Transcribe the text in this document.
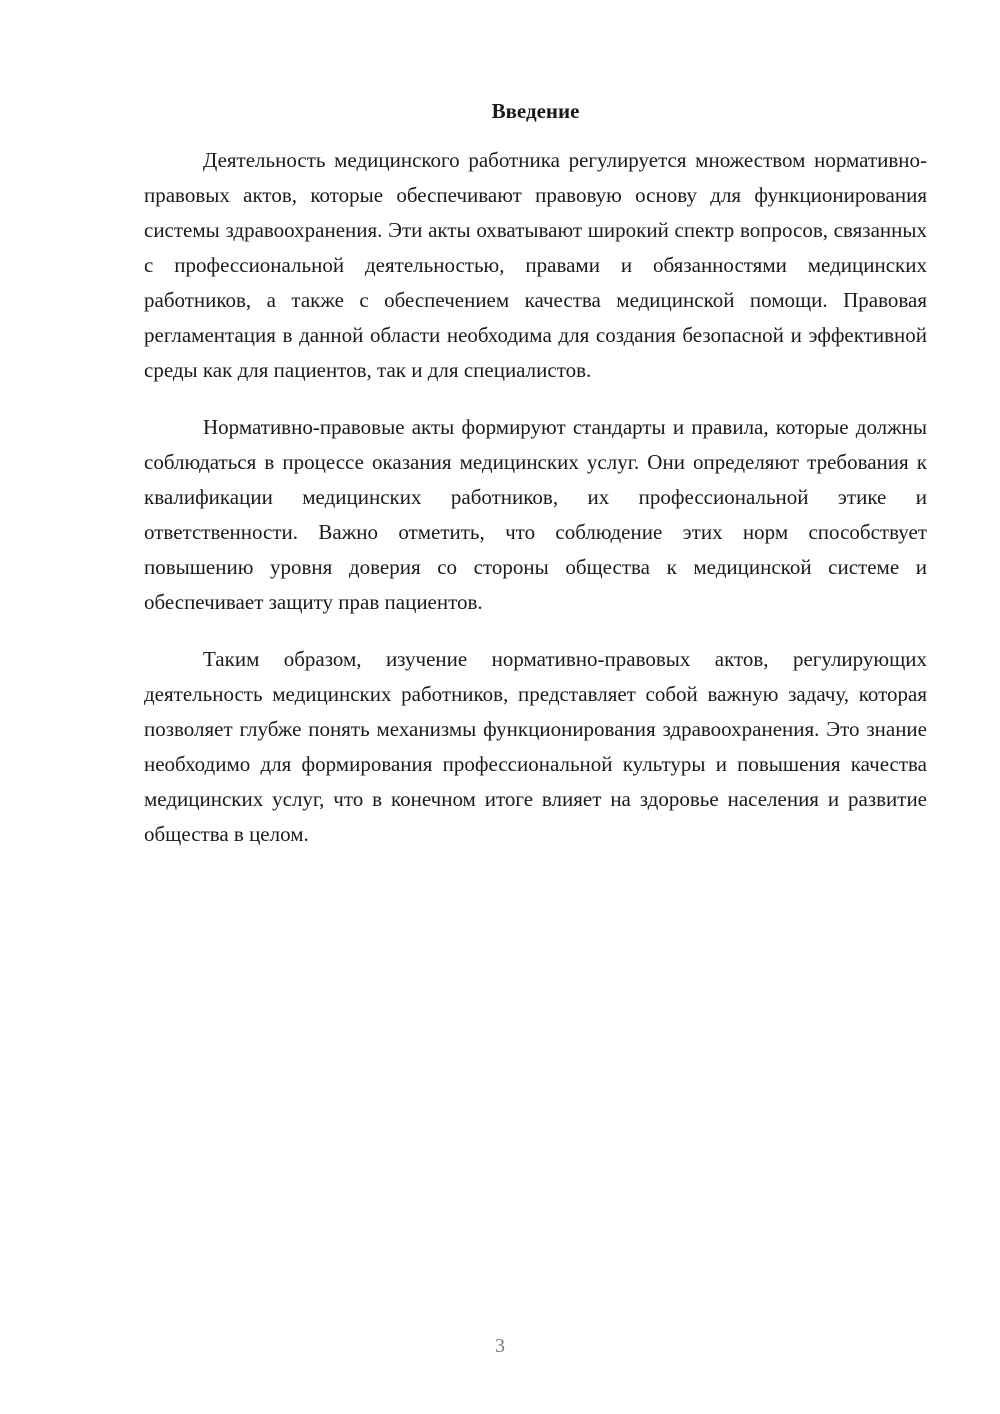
Введение

Деятельность медицинского работника регулируется множеством нормативно-правовых актов, которые обеспечивают правовую основу для функционирования системы здравоохранения. Эти акты охватывают широкий спектр вопросов, связанных с профессиональной деятельностью, правами и обязанностями медицинских работников, а также с обеспечением качества медицинской помощи. Правовая регламентация в данной области необходима для создания безопасной и эффективной среды как для пациентов, так и для специалистов.

Нормативно-правовые акты формируют стандарты и правила, которые должны соблюдаться в процессе оказания медицинских услуг. Они определяют требования к квалификации медицинских работников, их профессиональной этике и ответственности. Важно отметить, что соблюдение этих норм способствует повышению уровня доверия со стороны общества к медицинской системе и обеспечивает защиту прав пациентов.

Таким образом, изучение нормативно-правовых актов, регулирующих деятельность медицинских работников, представляет собой важную задачу, которая позволяет глубже понять механизмы функционирования здравоохранения. Это знание необходимо для формирования профессиональной культуры и повышения качества медицинских услуг, что в конечном итоге влияет на здоровье населения и развитие общества в целом.

3
